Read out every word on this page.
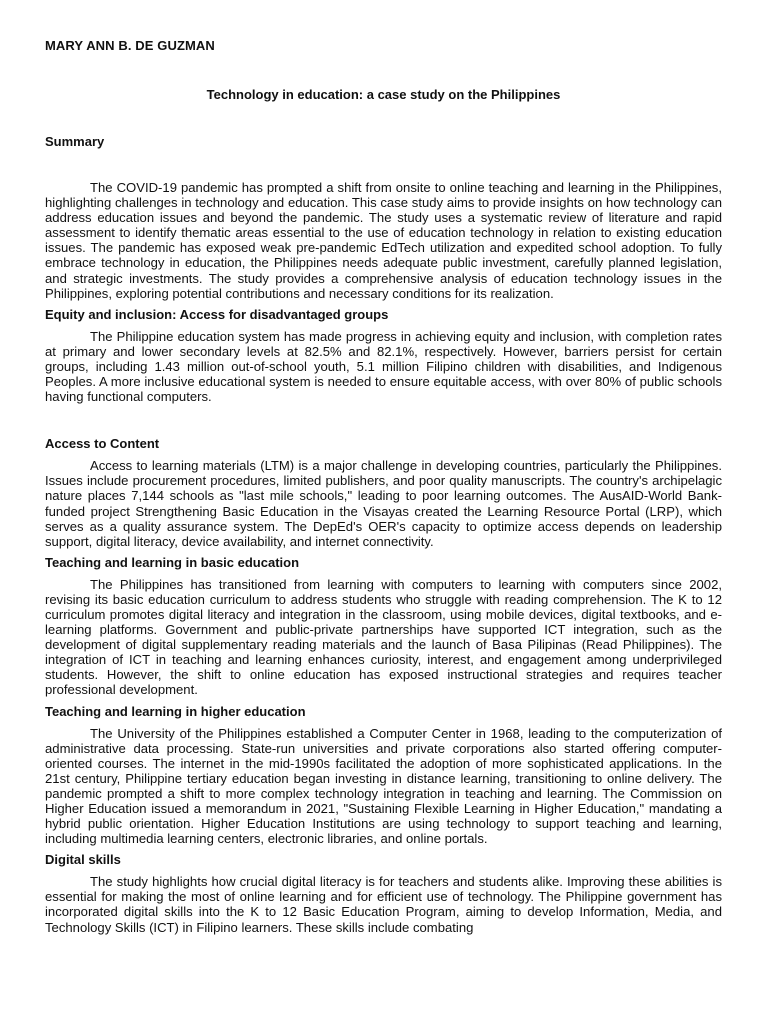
MARY ANN B. DE GUZMAN
Technology in education: a case study on the Philippines
Summary

The COVID-19 pandemic has prompted a shift from onsite to online teaching and learning in the Philippines, highlighting challenges in technology and education. This case study aims to provide insights on how technology can address education issues and beyond the pandemic. The study uses a systematic review of literature and rapid assessment to identify thematic areas essential to the use of education technology in relation to existing education issues. The pandemic has exposed weak pre-pandemic EdTech utilization and expedited school adoption. To fully embrace technology in education, the Philippines needs adequate public investment, carefully planned legislation, and strategic investments. The study provides a comprehensive analysis of education technology issues in the Philippines, exploring potential contributions and necessary conditions for its realization.

Equity and inclusion: Access for disadvantaged groups

The Philippine education system has made progress in achieving equity and inclusion, with completion rates at primary and lower secondary levels at 82.5% and 82.1%, respectively. However, barriers persist for certain groups, including 1.43 million out-of-school youth, 5.1 million Filipino children with disabilities, and Indigenous Peoples. A more inclusive educational system is needed to ensure equitable access, with over 80% of public schools having functional computers.

Access to Content

Access to learning materials (LTM) is a major challenge in developing countries, particularly the Philippines. Issues include procurement procedures, limited publishers, and poor quality manuscripts. The country's archipelagic nature places 7,144 schools as "last mile schools," leading to poor learning outcomes. The AusAID-World Bank-funded project Strengthening Basic Education in the Visayas created the Learning Resource Portal (LRP), which serves as a quality assurance system. The DepEd's OER's capacity to optimize access depends on leadership support, digital literacy, device availability, and internet connectivity.

Teaching and learning in basic education

The Philippines has transitioned from learning with computers to learning with computers since 2002, revising its basic education curriculum to address students who struggle with reading comprehension. The K to 12 curriculum promotes digital literacy and integration in the classroom, using mobile devices, digital textbooks, and e-learning platforms. Government and public-private partnerships have supported ICT integration, such as the development of digital supplementary reading materials and the launch of Basa Pilipinas (Read Philippines). The integration of ICT in teaching and learning enhances curiosity, interest, and engagement among underprivileged students. However, the shift to online education has exposed instructional strategies and requires teacher professional development.

Teaching and learning in higher education

The University of the Philippines established a Computer Center in 1968, leading to the computerization of administrative data processing. State-run universities and private corporations also started offering computer-oriented courses. The internet in the mid-1990s facilitated the adoption of more sophisticated applications. In the 21st century, Philippine tertiary education began investing in distance learning, transitioning to online delivery. The pandemic prompted a shift to more complex technology integration in teaching and learning. The Commission on Higher Education issued a memorandum in 2021, "Sustaining Flexible Learning in Higher Education," mandating a hybrid public orientation. Higher Education Institutions are using technology to support teaching and learning, including multimedia learning centers, electronic libraries, and online portals.

Digital skills

The study highlights how crucial digital literacy is for teachers and students alike. Improving these abilities is essential for making the most of online learning and for efficient use of technology. The Philippine government has incorporated digital skills into the K to 12 Basic Education Program, aiming to develop Information, Media, and Technology Skills (ICT) in Filipino learners. These skills include combating
